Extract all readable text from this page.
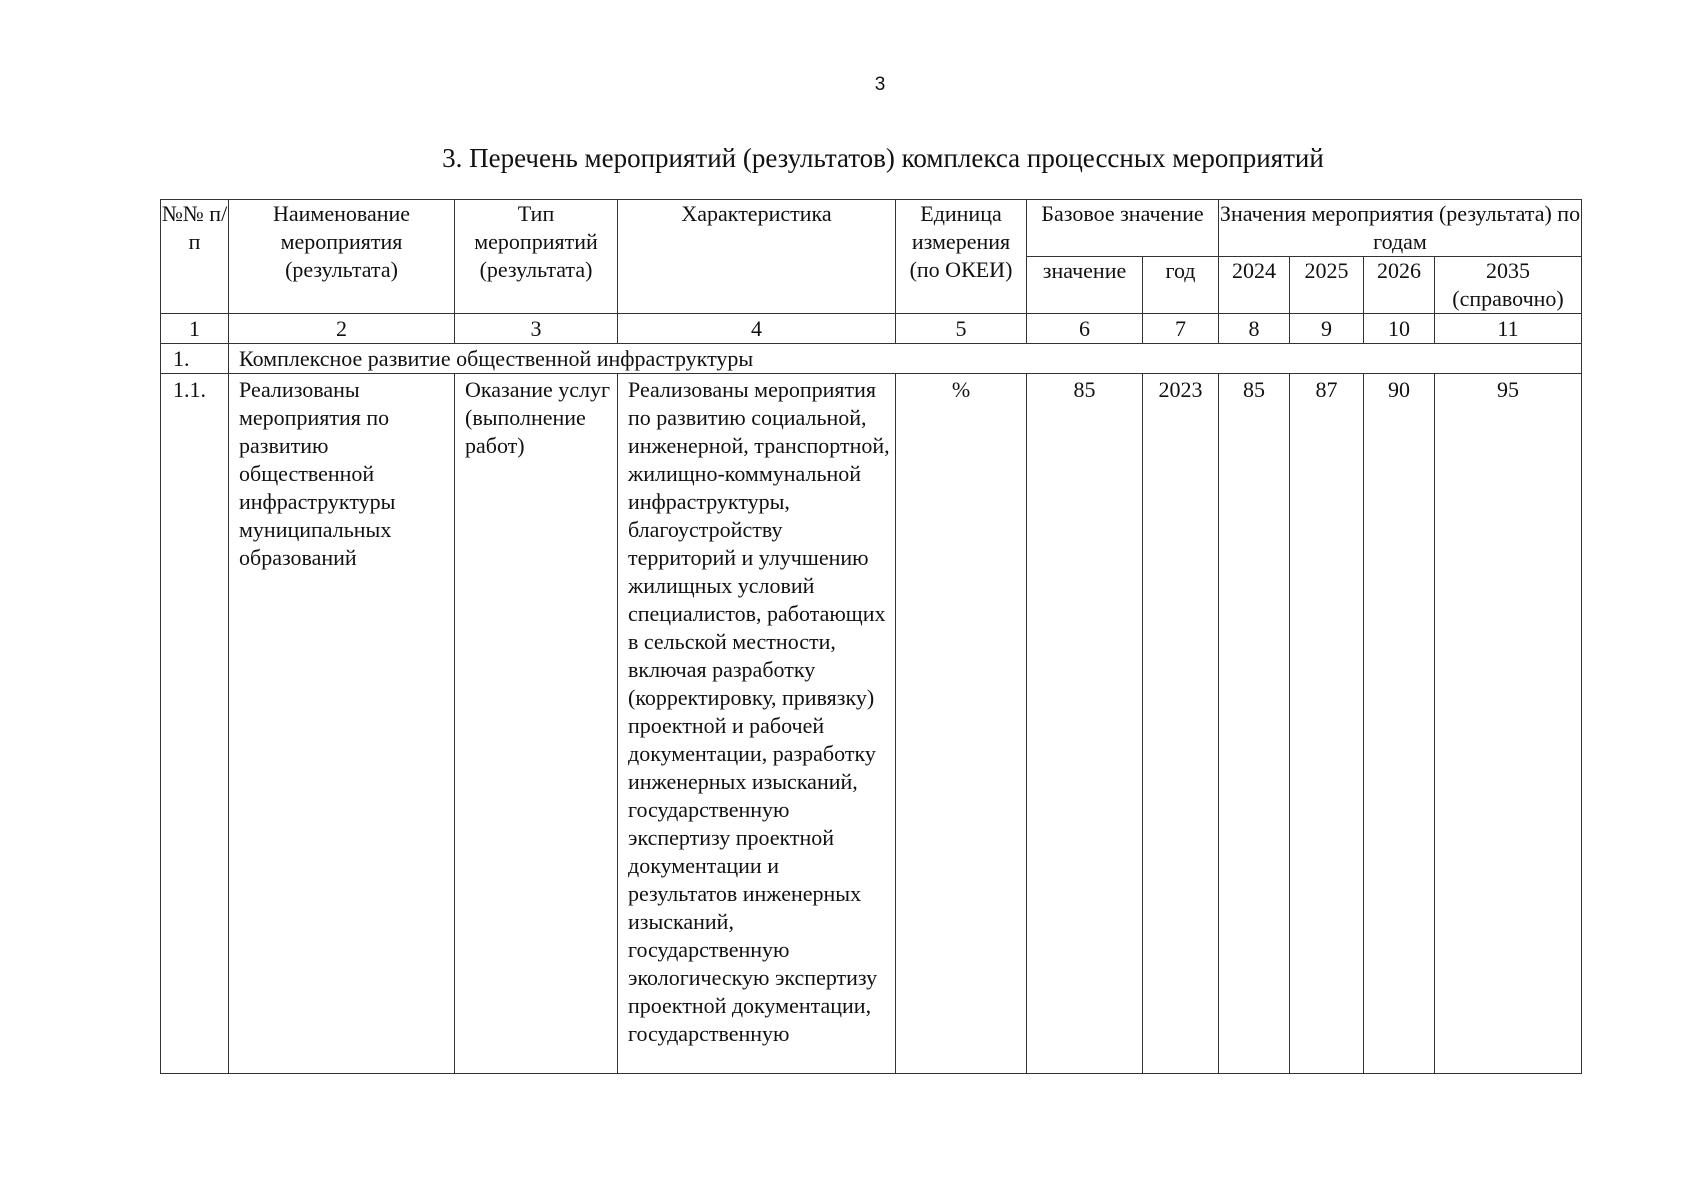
3
3. Перечень мероприятий (результатов) комплекса процессных мероприятий
№№ п/п	Наименование мероприятия (результата)	Тип мероприятий (результата)	Характеристика	Единица измерения (по ОКЕИ)	Базовое значение		Значения мероприятия (результата) по годам			
					значение	год	2024	2025	2026	2035 (справочно)
1	2	3	4	5	6	7	8	9	10	11
1.	Комплексное развитие общественной инфраструктуры									
1.1.	Реализованы мероприятия по развитию общественной инфраструктуры муниципальных образований	Оказание услуг (выполнение работ)	Реализованы мероприятия по развитию социальной, инженерной, транспортной, жилищно-коммунальной инфраструктуры, благоустройству территорий и улучшению жилищных условий специалистов, работающих в сельской местности, включая разработку (корректировку, привязку) проектной и рабочей документации, разработку инженерных изысканий, государственную экспертизу проектной документации и результатов инженерных изысканий, государственную экологическую экспертизу проектной документации, государственную	%	85	2023	85	87	90	95
